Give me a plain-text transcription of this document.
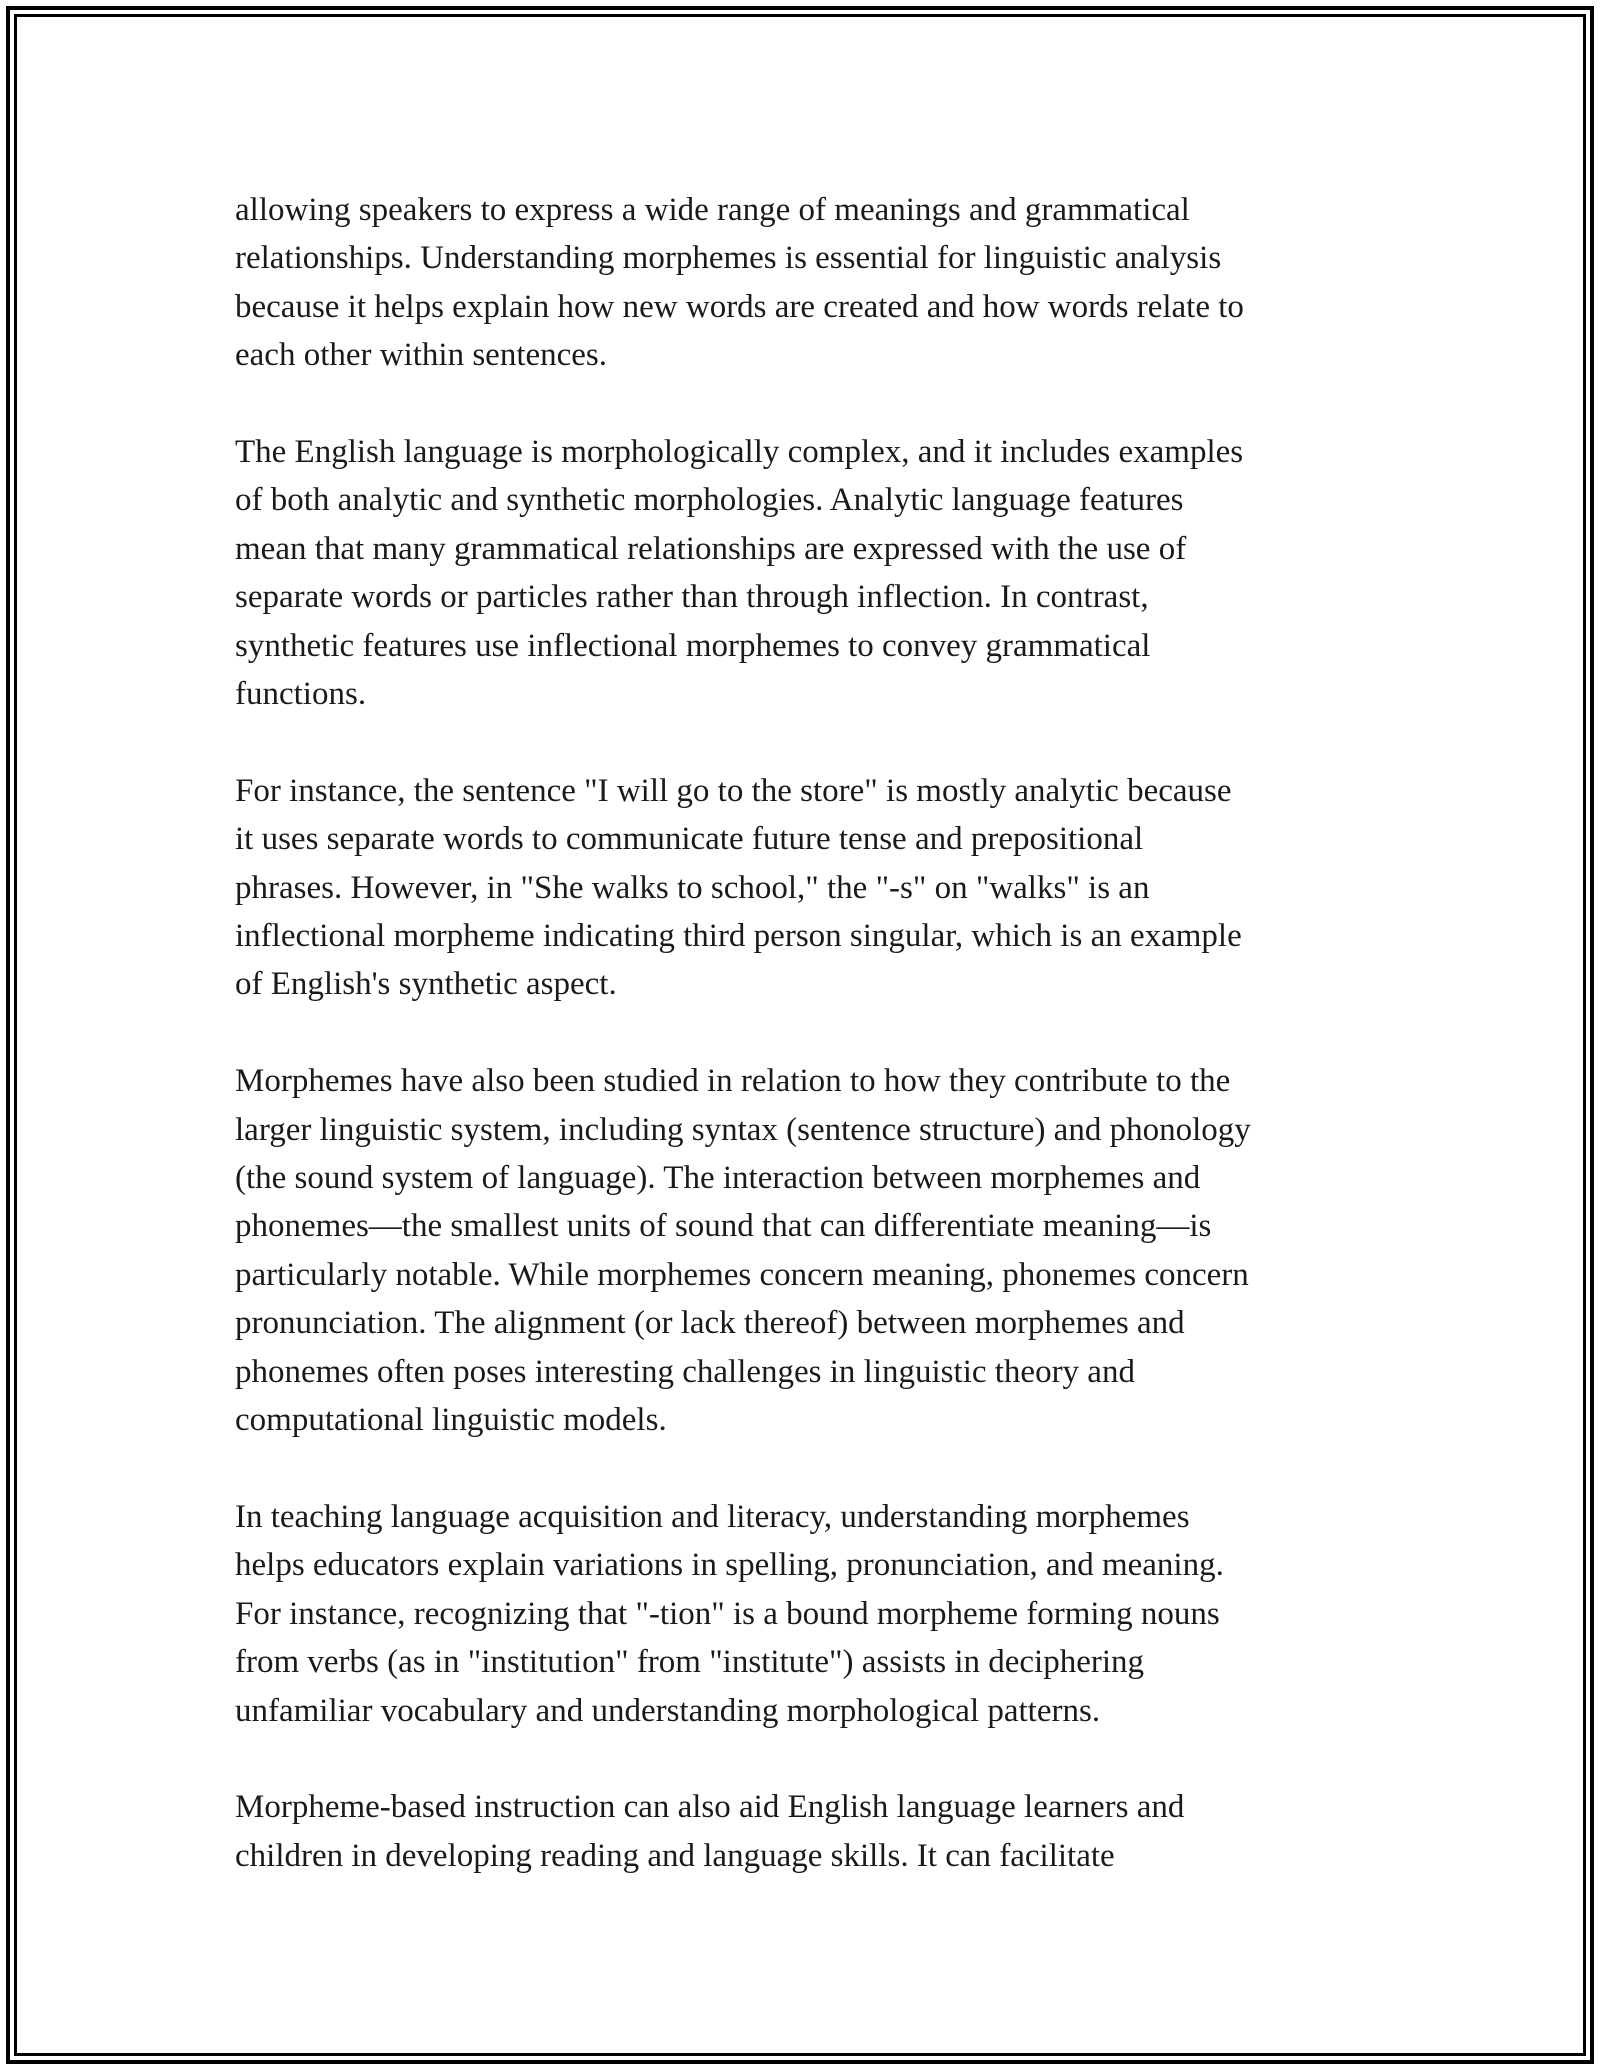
allowing speakers to express a wide range of meanings and grammatical
relationships. Understanding morphemes is essential for linguistic analysis
because it helps explain how new words are created and how words relate to
each other within sentences.

The English language is morphologically complex, and it includes examples
of both analytic and synthetic morphologies. Analytic language features
mean that many grammatical relationships are expressed with the use of
separate words or particles rather than through inflection. In contrast,
synthetic features use inflectional morphemes to convey grammatical
functions.

For instance, the sentence "I will go to the store" is mostly analytic because
it uses separate words to communicate future tense and prepositional
phrases. However, in "She walks to school," the "-s" on "walks" is an
inflectional morpheme indicating third person singular, which is an example
of English's synthetic aspect.

Morphemes have also been studied in relation to how they contribute to the
larger linguistic system, including syntax (sentence structure) and phonology
(the sound system of language). The interaction between morphemes and
phonemes—the smallest units of sound that can differentiate meaning—is
particularly notable. While morphemes concern meaning, phonemes concern
pronunciation. The alignment (or lack thereof) between morphemes and
phonemes often poses interesting challenges in linguistic theory and
computational linguistic models.

In teaching language acquisition and literacy, understanding morphemes
helps educators explain variations in spelling, pronunciation, and meaning.
For instance, recognizing that "-tion" is a bound morpheme forming nouns
from verbs (as in "institution" from "institute") assists in deciphering
unfamiliar vocabulary and understanding morphological patterns.

Morpheme-based instruction can also aid English language learners and
children in developing reading and language skills. It can facilitate
